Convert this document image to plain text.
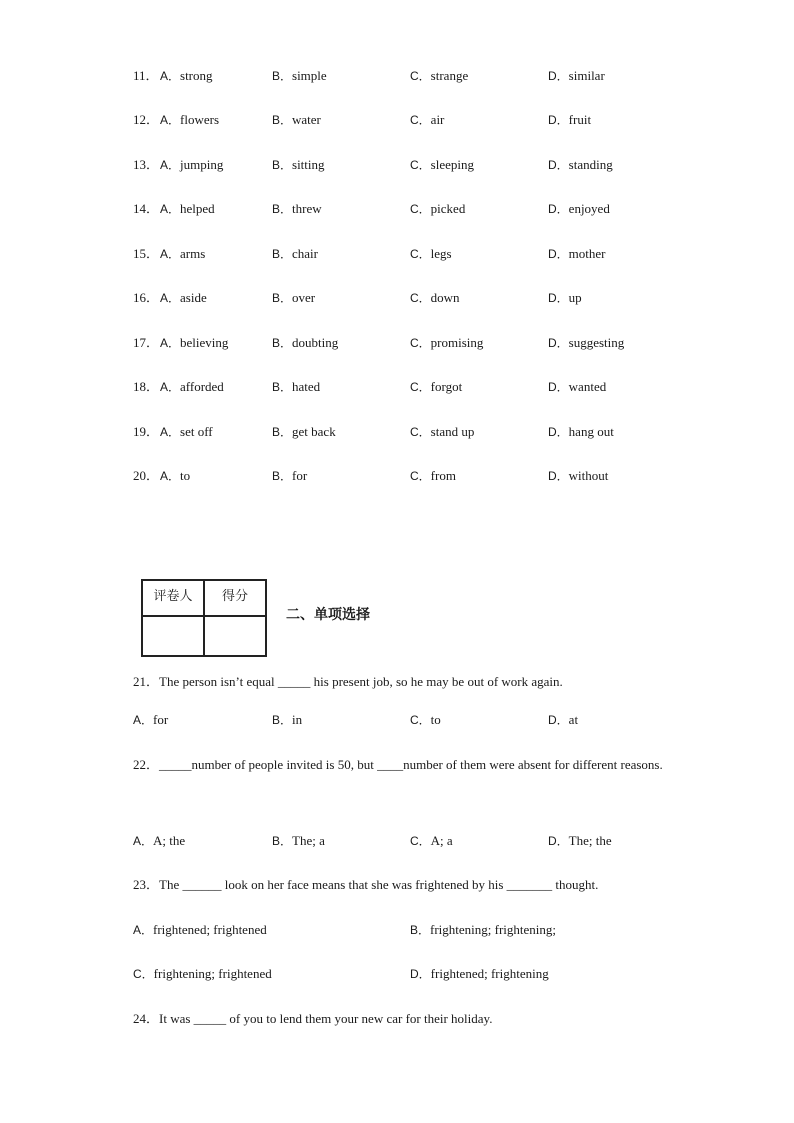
11． A．strong	B．simple	C．strange	D．similar
12． A．flowers	B．water	C．air	D．fruit
13． A．jumping	B．sitting	C．sleeping	D．standing
14． A．helped	B．threw	C．picked	D．enjoyed
15． A．arms	B．chair	C．legs	D．mother
16． A．aside	B．over	C．down	D．up
17． A．believing	B．doubting	C．promising	D．suggesting
18． A．afforded	B．hated	C．forgot	D．wanted
19． A．set off	B．get back	C．stand up	D．hang out
20． A．to	B．for	C．from	D．without
评卷人	得分

二、单项选择
21．The person isn’t equal _____ his present job, so he may be out of work again.
A．for	B．in	C．to	D．at
22．_____number of people invited is 50, but ____number of them were absent for different reasons.
A．A; the	B．The; a	C．A; a	D．The; the
23．The ______ look on her face means that she was frightened by his _______ thought.
A．frightened; frightened	B．frightening; frightening;
C．frightening; frightened	D．frightened; frightening
24．It was _____ of you to lend them your new car for their holiday.
